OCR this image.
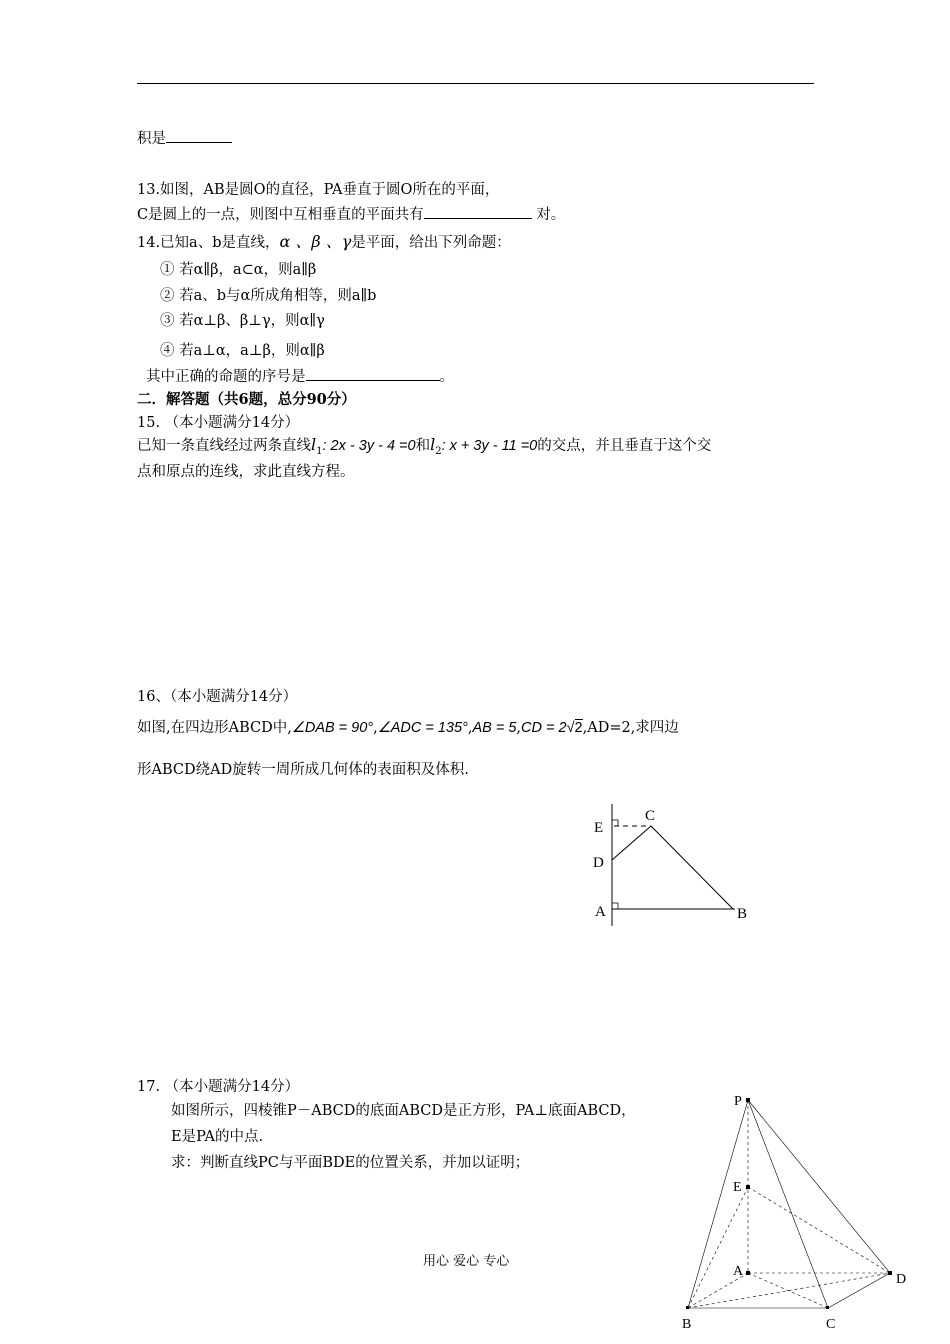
积是
13.如图，AB是圆O的直径，PA垂直于圆O所在的平面，
C是圆上的一点，则图中互相垂直的平面共有	对。
14.已知a、b是直线，α 、β 、γ是平面，给出下列命题：
① 若α∥β，a⊂α，则a∥β
② 若a、b与α所成角相等，则a∥b
③ 若α⊥β、β⊥γ，则α∥γ
④ 若a⊥α，a⊥β，则α∥β
其中正确的命题的序号是	。
二．解答题（共6题，总分90分）
15. （本小题满分14分）
已知一条直线经过两条直线$l_1$: 2x - 3y - 4 =0和$l_2$: x + 3y - 11 =0的交点，并且垂直于这个交
点和原点的连线，求此直线方程。
16、（本小题满分14分）
如图,在四边形ABCD中,∠DAB = 90°,∠ADC = 135°,AB = 5,CD = 2√2,AD=2,求四边
形ABCD绕AD旋转一周所成几何体的表面积及体积.
E
C
D
A	B
17. （本小题满分14分）
如图所示，四棱锥P－ABCD的底面ABCD是正方形，PA⊥底面ABCD，
E是PA的中点.
求：判断直线PC与平面BDE的位置关系，并加以证明；
P
E
A
D
B	C
用心 爱心 专心
